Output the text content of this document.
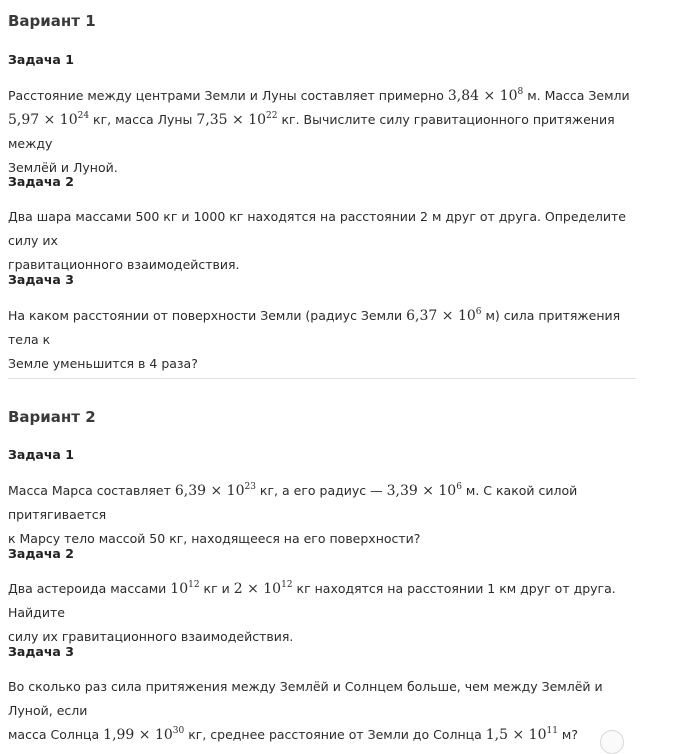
Вариант 1
Задача 1
Расстояние между центрами Земли и Луны составляет примерно $3,84 \times 10^8$ м. Масса Земли
$5,97 \times 10^{24}$ кг, масса Луны $7,35 \times 10^{22}$ кг. Вычислите силу гравитационного притяжения между
Землёй и Луной.
Задача 2
Два шара массами 500 кг и 1000 кг находятся на расстоянии 2 м друг от друга. Определите силу их
гравитационного взаимодействия.
Задача 3
На каком расстоянии от поверхности Земли (радиус Земли $6,37 \times 10^6$ м) сила притяжения тела к
Земле уменьшится в 4 раза?
Вариант 2
Задача 1
Масса Марса составляет $6,39 \times 10^{23}$ кг, а его радиус — $3,39 \times 10^6$ м. С какой силой притягивается
к Марсу тело массой 50 кг, находящееся на его поверхности?
Задача 2
Два астероида массами $10^{12}$ кг и $2 \times 10^{12}$ кг находятся на расстоянии 1 км друг от друга. Найдите
силу их гравитационного взаимодействия.
Задача 3
Во сколько раз сила притяжения между Землёй и Солнцем больше, чем между Землёй и Луной, если
масса Солнца $1,99 \times 10^{30}$ кг, среднее расстояние от Земли до Солнца $1,5 \times 10^{11}$ м?
